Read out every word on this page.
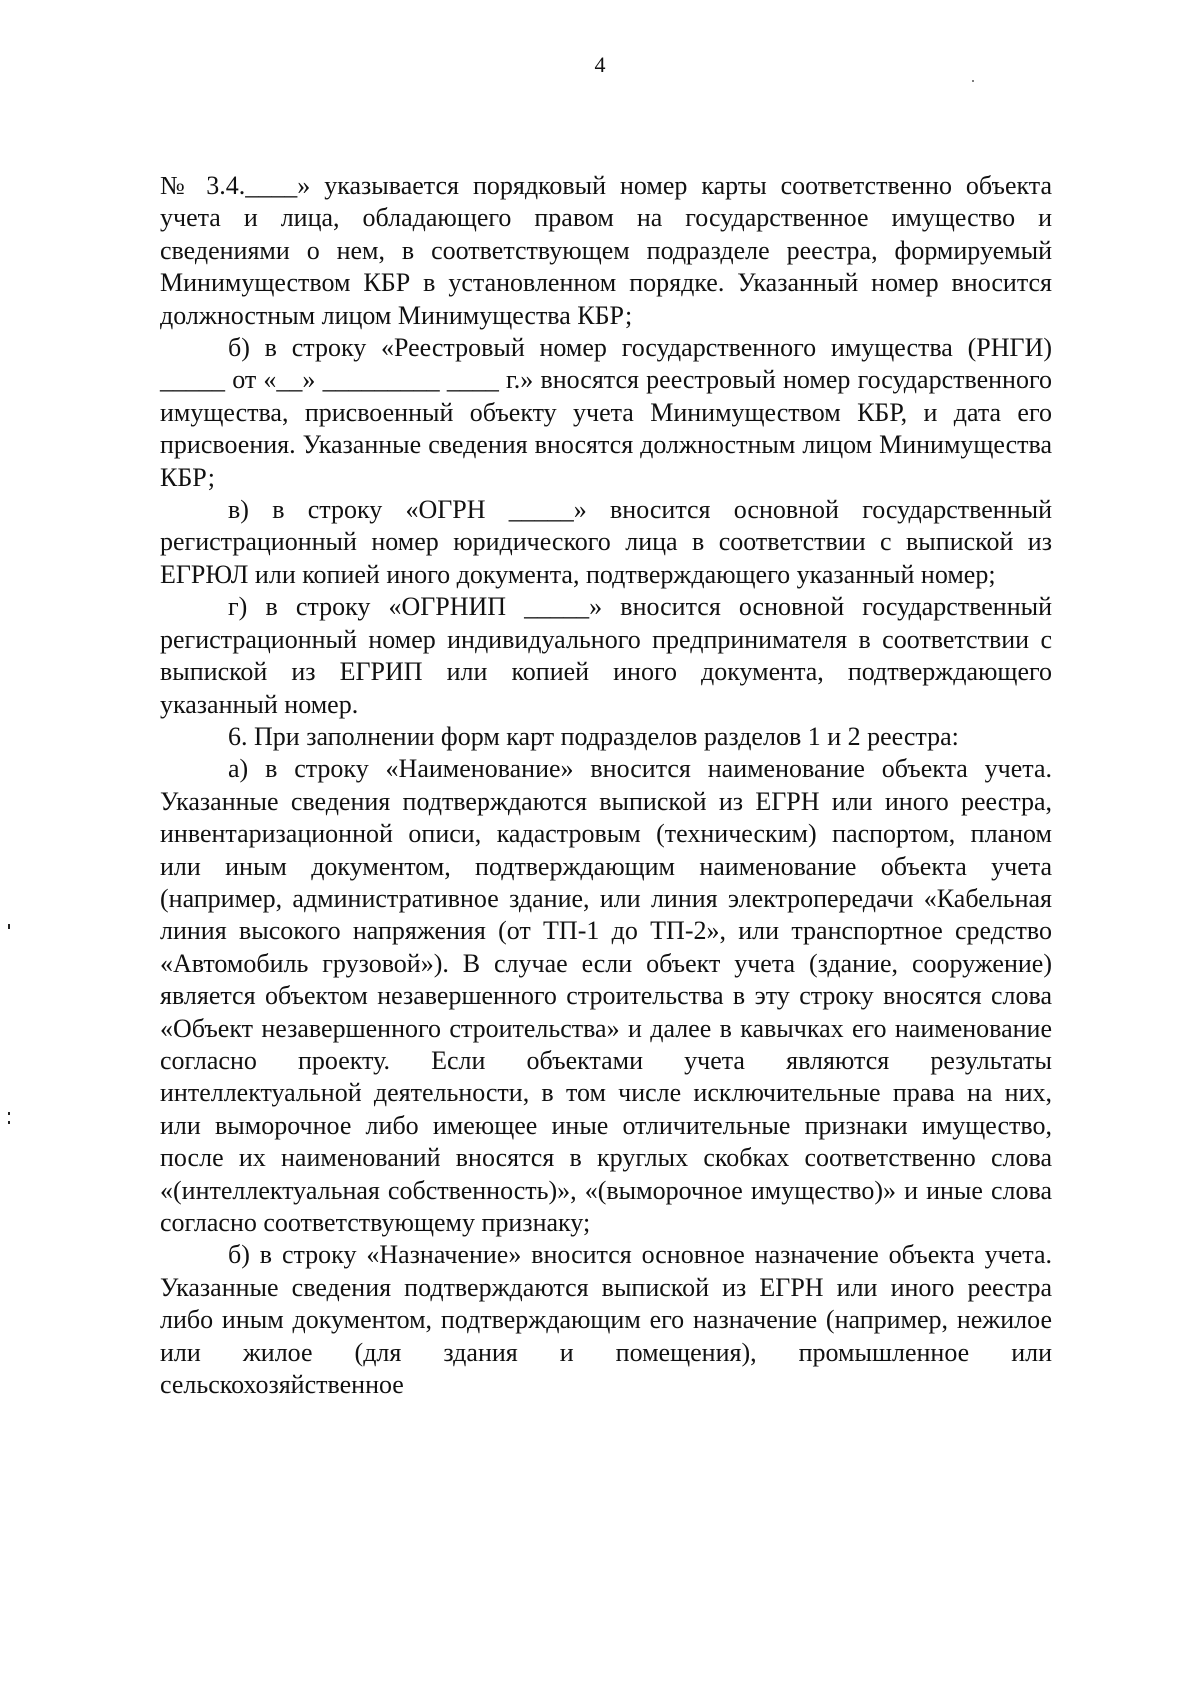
4

№ 3.4.____» указывается порядковый номер карты соответственно объекта учета и лица, обладающего правом на государственное имущество и сведениями о нем, в соответствующем подразделе реестра, формируемый Минимуществом КБР в установленном порядке. Указанный номер вносится должностным лицом Минимущества КБР;

б) в строку «Реестровый номер государственного имущества (РНГИ) _____ от «__» _________ ____ г.» вносятся реестровый номер государственного имущества, присвоенный объекту учета Минимуществом КБР, и дата его присвоения. Указанные сведения вносятся должностным лицом Минимущества КБР;

в) в строку «ОГРН _____» вносится основной государственный регистрационный номер юридического лица в соответствии с выпиской из ЕГРЮЛ или копией иного документа, подтверждающего указанный номер;

г) в строку «ОГРНИП _____» вносится основной государственный регистрационный номер индивидуального предпринимателя в соответствии с выпиской из ЕГРИП или копией иного документа, подтверждающего указанный номер.

6. При заполнении форм карт подразделов разделов 1 и 2 реестра:

а) в строку «Наименование» вносится наименование объекта учета. Указанные сведения подтверждаются выпиской из ЕГРН или иного реестра, инвентаризационной описи, кадастровым (техническим) паспортом, планом или иным документом, подтверждающим наименование объекта учета (например, административное здание, или линия электропередачи «Кабельная линия высокого напряжения (от ТП-1 до ТП-2», или транспортное средство «Автомобиль грузовой»). В случае если объект учета (здание, сооружение) является объектом незавершенного строительства в эту строку вносятся слова «Объект незавершенного строительства» и далее в кавычках его наименование согласно проекту. Если объектами учета являются результаты интеллектуальной деятельности, в том числе исключительные права на них, или выморочное либо имеющее иные отличительные признаки имущество, после их наименований вносятся в круглых скобках соответственно слова «(интеллектуальная собственность)», «(выморочное имущество)» и иные слова согласно соответствующему признаку;

б) в строку «Назначение» вносится основное назначение объекта учета. Указанные сведения подтверждаются выпиской из ЕГРН или иного реестра либо иным документом, подтверждающим его назначение (например, нежилое или жилое (для здания и помещения), промышленное или сельскохозяйственное
